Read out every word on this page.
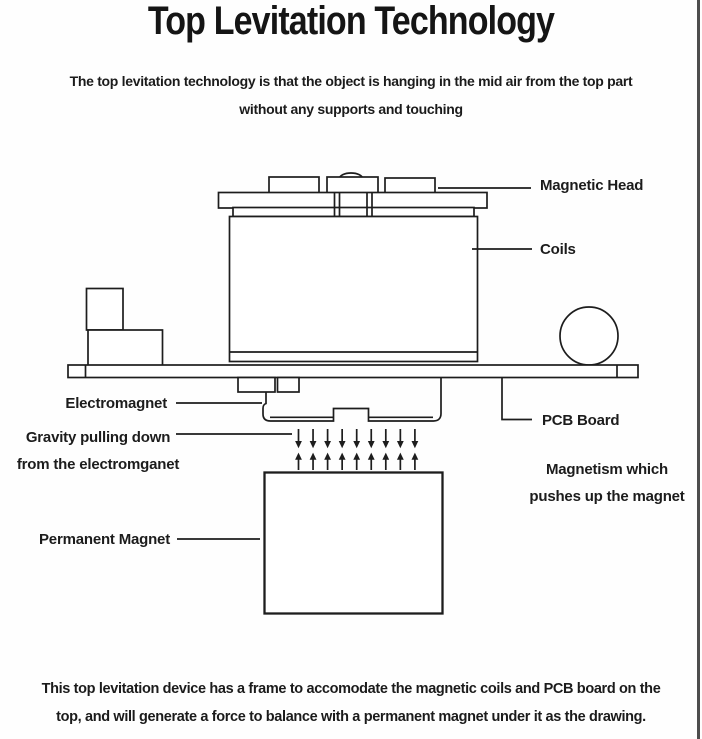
Top Levitation Technology
The top levitation technology is that the object is hanging in the mid air from the top part
without any supports and touching
Magnetic Head
Coils
PCB Board
Electromagnet
Gravity pulling down
from the electromganet	Magnetism which
pushes up the magnet
Permanent Magnet
This top levitation device has a frame to accomodate the magnetic coils and PCB board on the
top, and will generate a force to balance with a permanent magnet under it as the drawing.
